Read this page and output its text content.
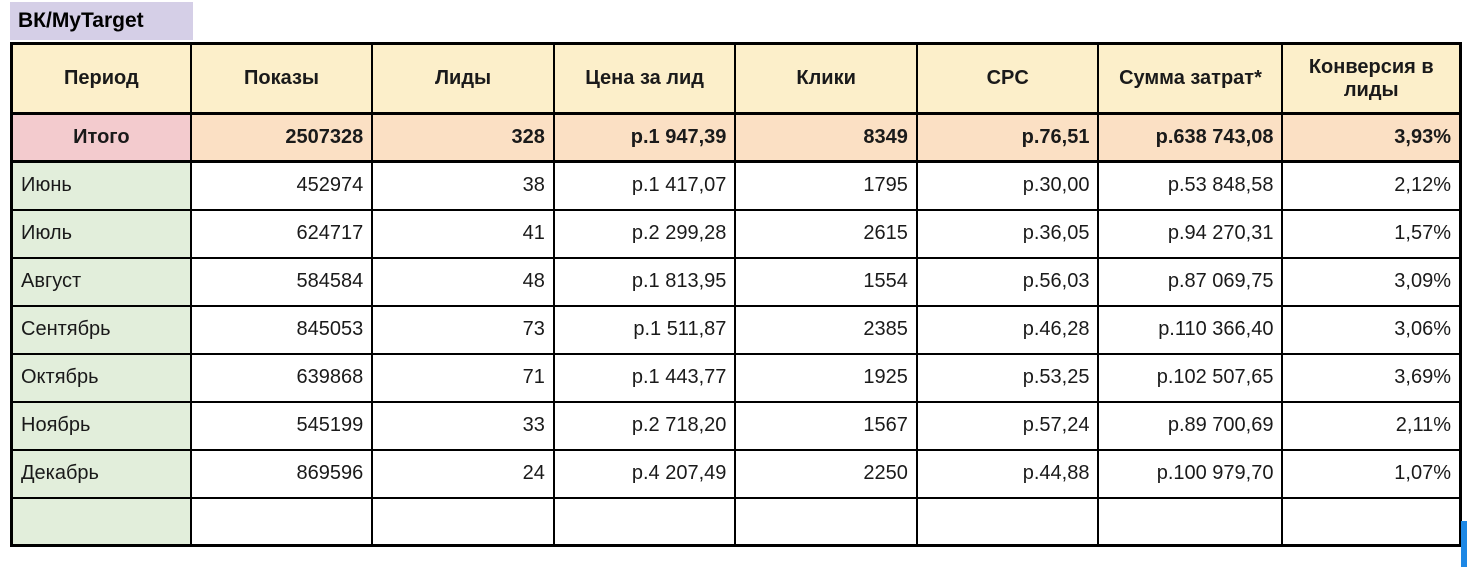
ВК/MyTarget
Период	Показы	Лиды	Цена за лид	Клики	CPC	Сумма затрат*	Конверсия в лиды
Итого	2507328	328	р.1 947,39	8349	р.76,51	р.638 743,08	3,93%
Июнь	452974	38	р.1 417,07	1795	р.30,00	р.53 848,58	2,12%
Июль	624717	41	р.2 299,28	2615	р.36,05	р.94 270,31	1,57%
Август	584584	48	р.1 813,95	1554	р.56,03	р.87 069,75	3,09%
Сентябрь	845053	73	р.1 511,87	2385	р.46,28	р.110 366,40	3,06%
Октябрь	639868	71	р.1 443,77	1925	р.53,25	р.102 507,65	3,69%
Ноябрь	545199	33	р.2 718,20	1567	р.57,24	р.89 700,69	2,11%
Декабрь	869596	24	р.4 207,49	2250	р.44,88	р.100 979,70	1,07%
